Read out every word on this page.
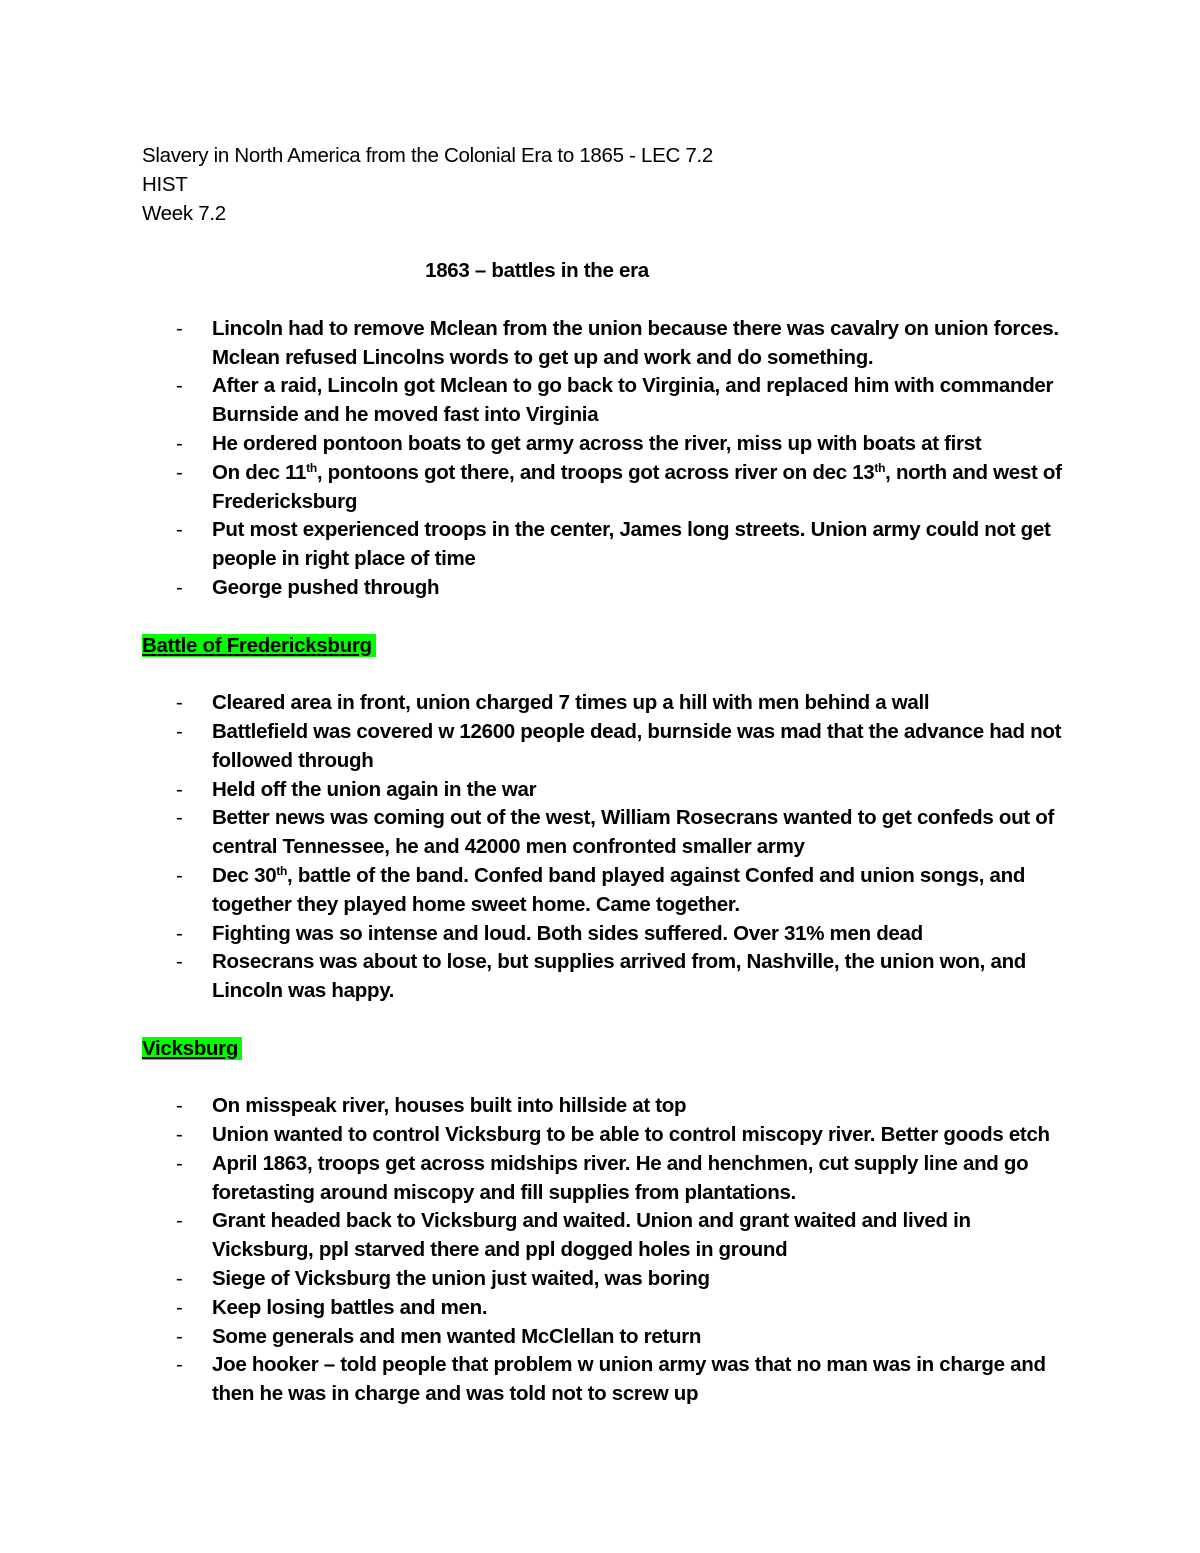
Slavery in North America from the Colonial Era to 1865 - LEC 7.2

HIST

Week 7.2

1863 – battles in the era

- Lincoln had to remove Mclean from the union because there was cavalry on union forces. Mclean refused Lincolns words to get up and work and do something.
- After a raid, Lincoln got Mclean to go back to Virginia, and replaced him with commander Burnside and he moved fast into Virginia
- He ordered pontoon boats to get army across the river, miss up with boats at first
- On dec 11th, pontoons got there, and troops got across river on dec 13th, north and west of Fredericksburg
- Put most experienced troops in the center, James long streets. Union army could not get people in right place of time
- George pushed through

Battle of Fredericksburg

- Cleared area in front, union charged 7 times up a hill with men behind a wall
- Battlefield was covered w 12600 people dead, burnside was mad that the advance had not followed through
- Held off the union again in the war
- Better news was coming out of the west, William Rosecrans wanted to get confeds out of central Tennessee, he and 42000 men confronted smaller army
- Dec 30th, battle of the band. Confed band played against Confed and union songs, and together they played home sweet home. Came together.
- Fighting was so intense and loud. Both sides suffered. Over 31% men dead
- Rosecrans was about to lose, but supplies arrived from, Nashville, the union won, and Lincoln was happy.

Vicksburg

- On misspeak river, houses built into hillside at top
- Union wanted to control Vicksburg to be able to control miscopy river. Better goods etch
- April 1863, troops get across midships river. He and henchmen, cut supply line and go foretasting around miscopy and fill supplies from plantations.
- Grant headed back to Vicksburg and waited. Union and grant waited and lived in Vicksburg, ppl starved there and ppl dogged holes in ground
- Siege of Vicksburg the union just waited, was boring
- Keep losing battles and men.
- Some generals and men wanted McClellan to return
- Joe hooker – told people that problem w union army was that no man was in charge and then he was in charge and was told not to screw up
